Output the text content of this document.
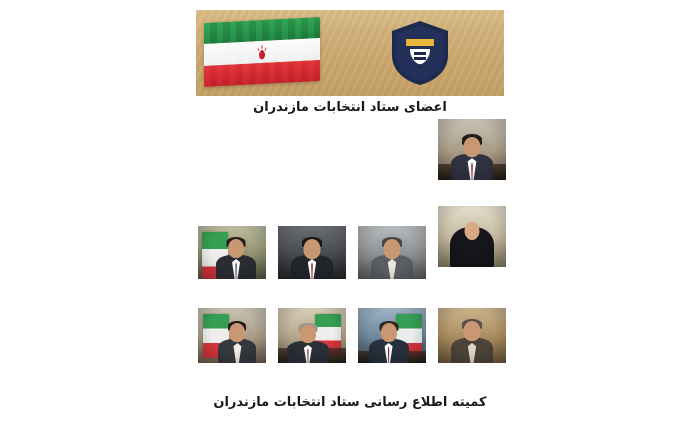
اعضای ستاد انتخابات مازندران
کمیته اطلاع رسانی ستاد انتخابات مازندران
